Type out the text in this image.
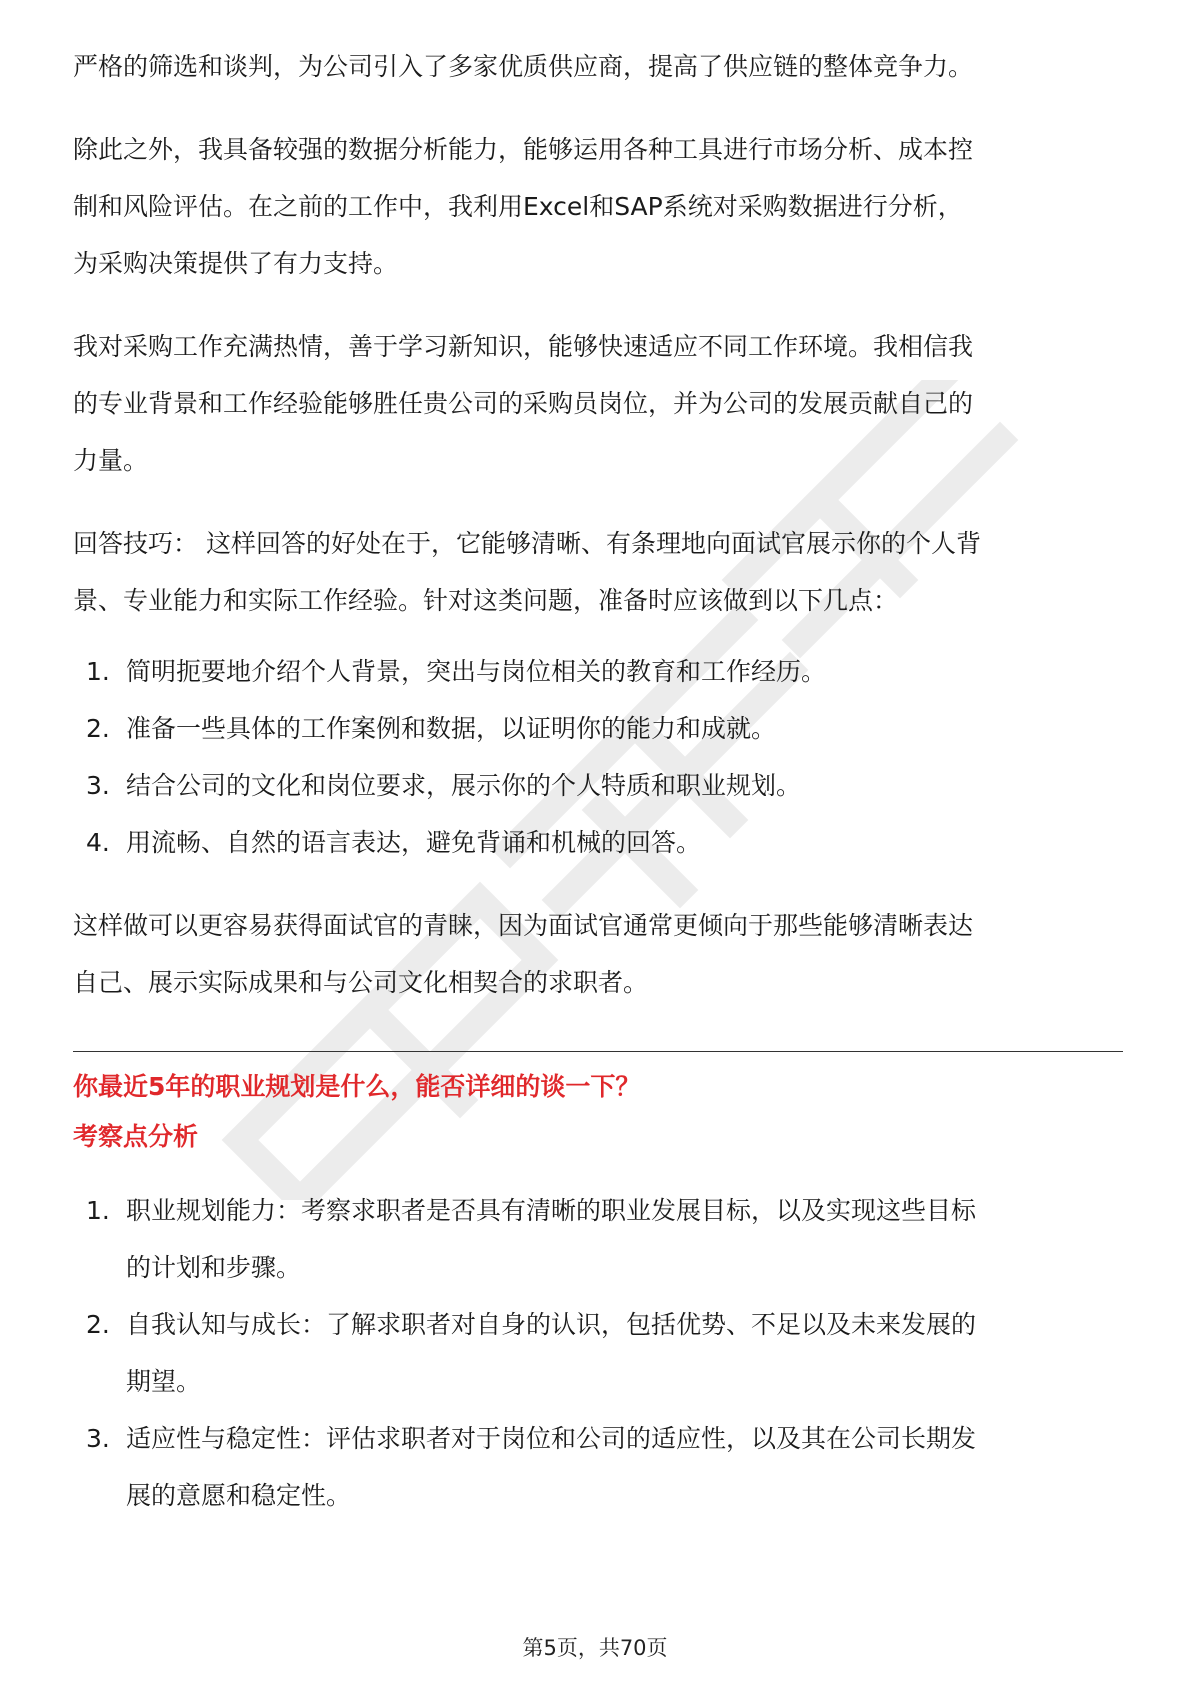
严格的筛选和谈判，为公司引入了多家优质供应商，提高了供应链的整体竞争力。

除此之外，我具备较强的数据分析能力，能够运用各种工具进行市场分析、成本控
制和风险评估。在之前的工作中，我利用Excel和SAP系统对采购数据进行分析，
为采购决策提供了有力支持。

我对采购工作充满热情，善于学习新知识，能够快速适应不同工作环境。我相信我
的专业背景和工作经验能够胜任贵公司的采购员岗位，并为公司的发展贡献自己的
力量。

回答技巧： 这样回答的好处在于，它能够清晰、有条理地向面试官展示你的个人背
景、专业能力和实际工作经验。针对这类问题，准备时应该做到以下几点：

1. 简明扼要地介绍个人背景，突出与岗位相关的教育和工作经历。
2. 准备一些具体的工作案例和数据，以证明你的能力和成就。
3. 结合公司的文化和岗位要求，展示你的个人特质和职业规划。
4. 用流畅、自然的语言表达，避免背诵和机械的回答。

这样做可以更容易获得面试官的青睐，因为面试官通常更倾向于那些能够清晰表达
自己、展示实际成果和与公司文化相契合的求职者。

你最近5年的职业规划是什么，能否详细的谈一下？

考察点分析

1. 职业规划能力：考察求职者是否具有清晰的职业发展目标，以及实现这些目标
的计划和步骤。
2. 自我认知与成长：了解求职者对自身的认识，包括优势、不足以及未来发展的
期望。
3. 适应性与稳定性：评估求职者对于岗位和公司的适应性，以及其在公司长期发
展的意愿和稳定性。
第5页，共70页
